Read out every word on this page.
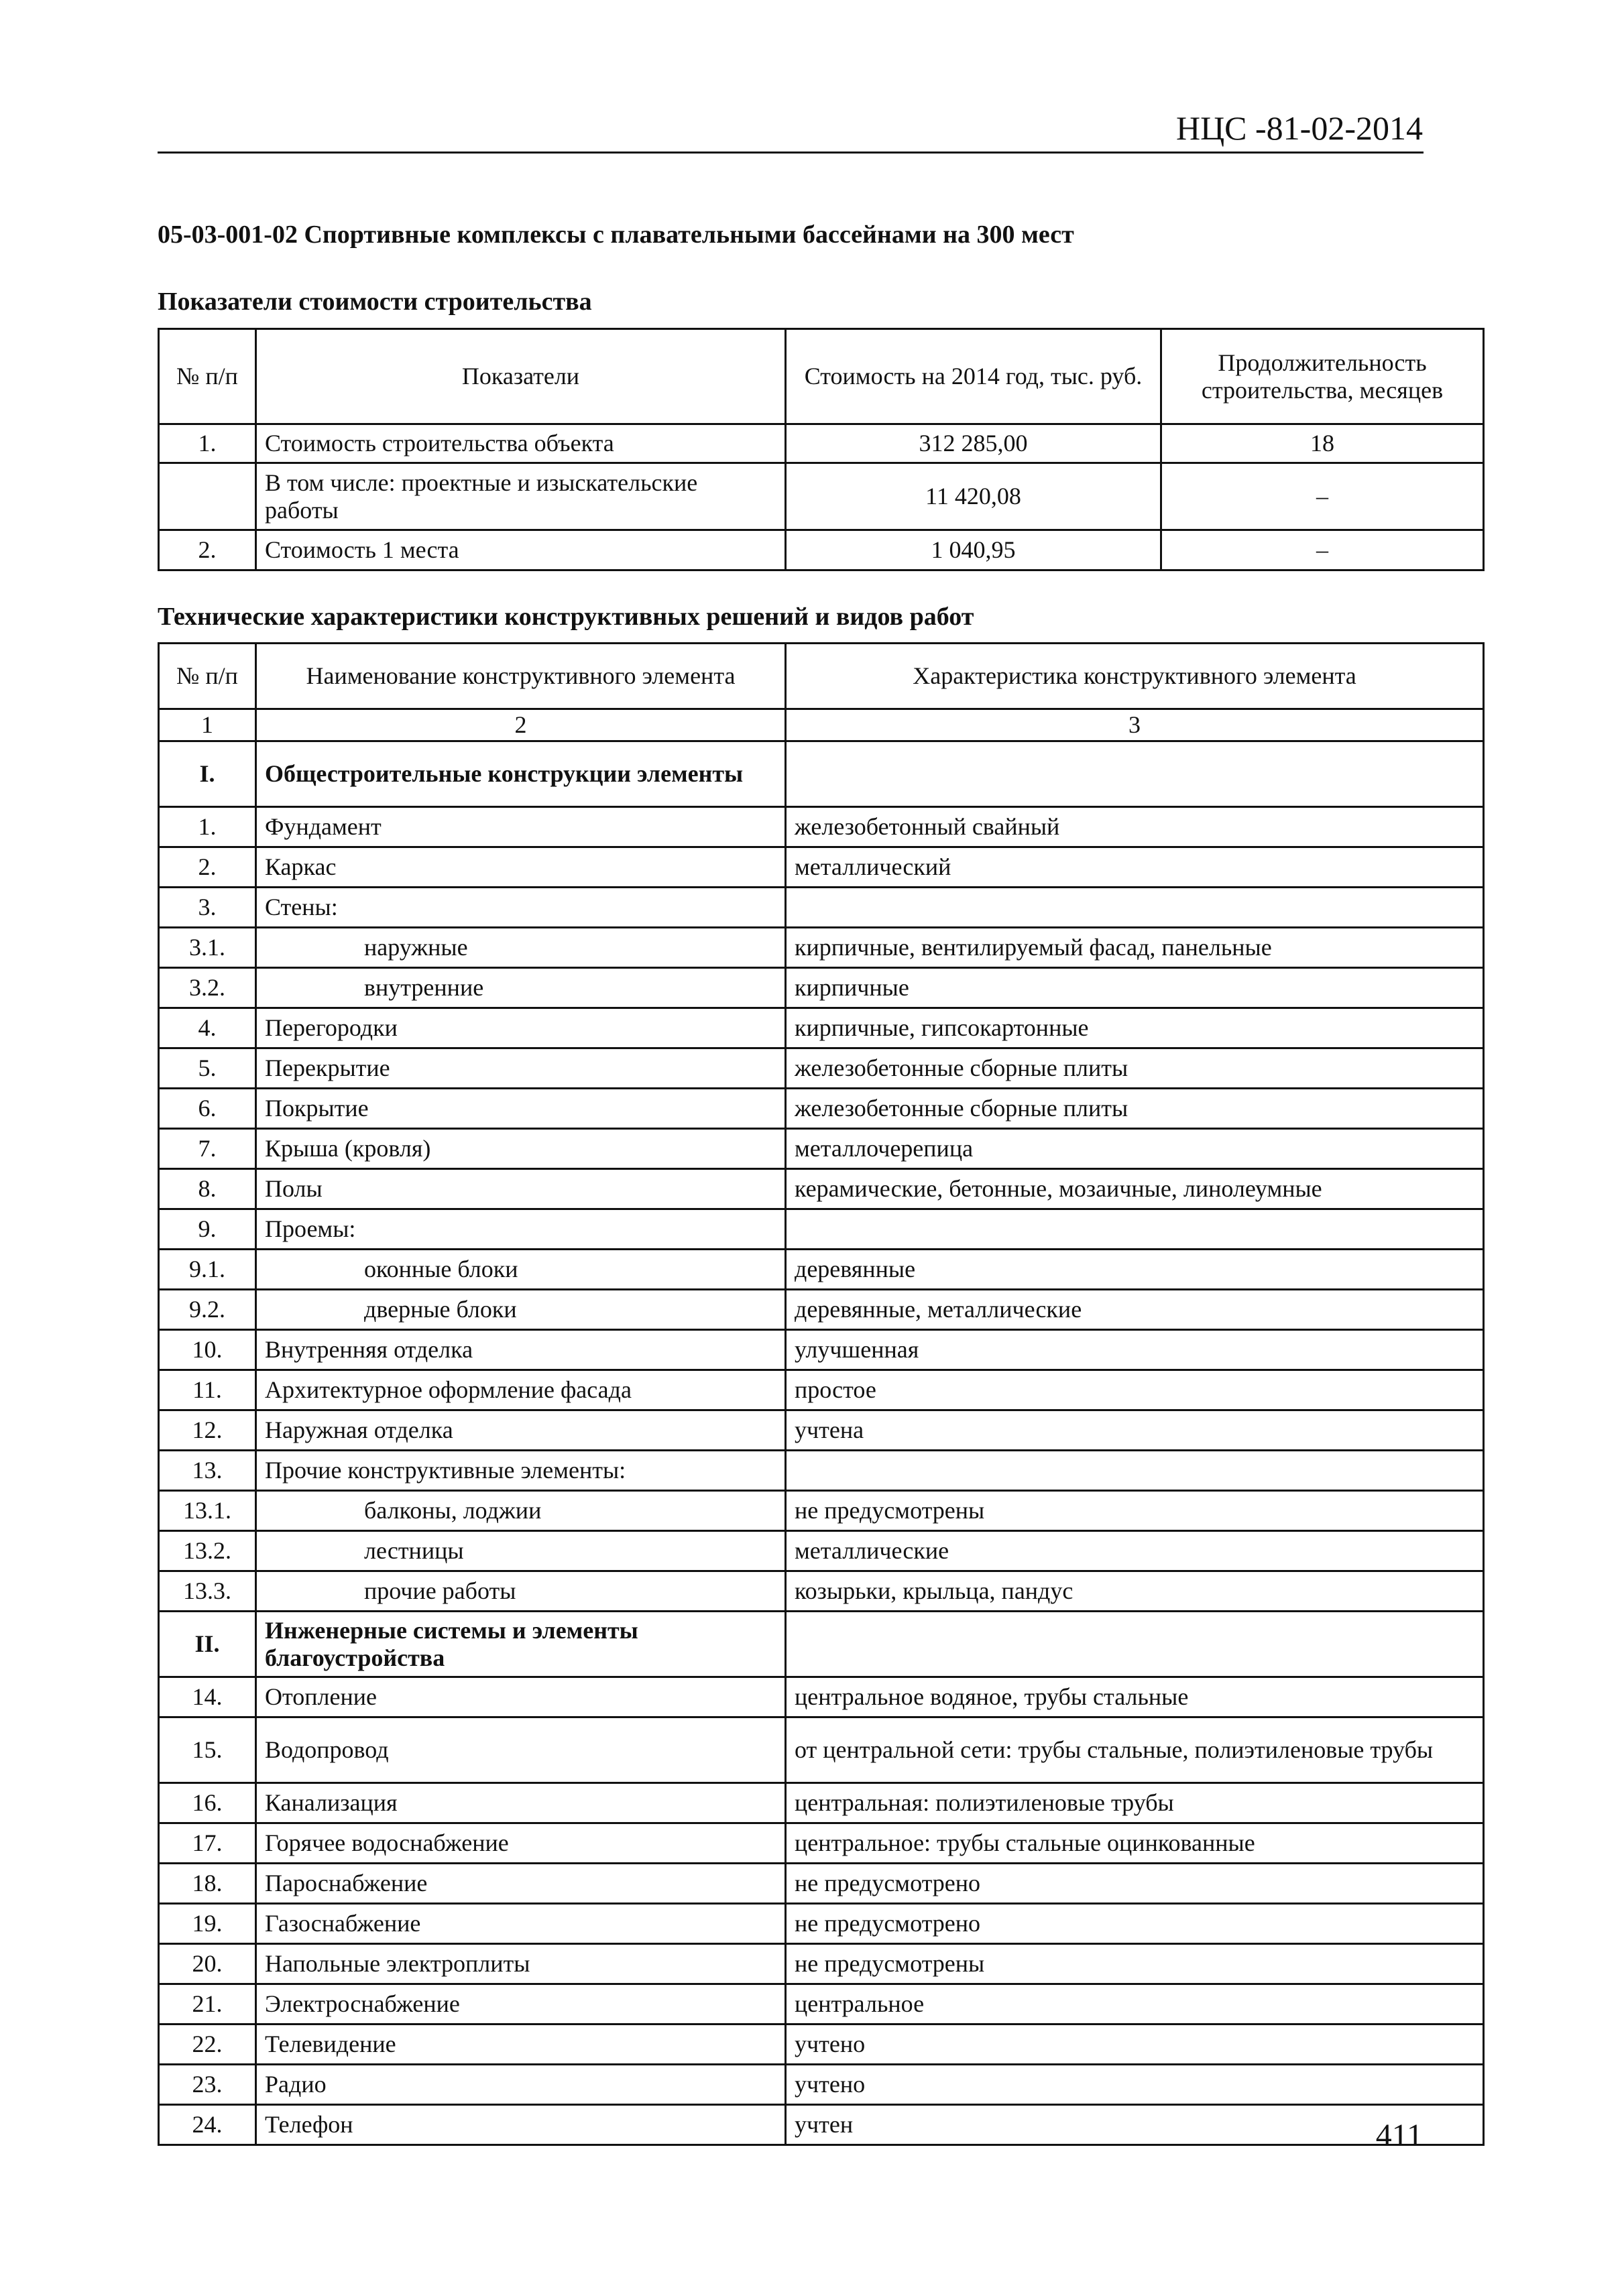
НЦС -81-02-2014
05-03-001-02 Спортивные комплексы с плавательными бассейнами на 300 мест
Показатели стоимости строительства
№ п/п	Показатели	Стоимость на 2014 год, тыс. руб.	Продолжительность строительства, месяцев
1.	Стоимость строительства объекта	312 285,00	18
	В том числе: проектные и изыскательские работы	11 420,08	–
2.	Стоимость 1 места	1 040,95	–
Технические характеристики конструктивных решений и видов работ
№ п/п	Наименование конструктивного элемента	Характеристика конструктивного элемента
1	2	3
I.	Общестроительные конструкции элементы	
1.	Фундамент	железобетонный свайный
2.	Каркас	металлический
3.	Стены:	
3.1.	наружные	кирпичные, вентилируемый фасад, панельные
3.2.	внутренние	кирпичные
4.	Перегородки	кирпичные, гипсокартонные
5.	Перекрытие	железобетонные сборные плиты
6.	Покрытие	железобетонные сборные плиты
7.	Крыша (кровля)	металлочерепица
8.	Полы	керамические, бетонные, мозаичные, линолеумные
9.	Проемы:	
9.1.	оконные блоки	деревянные
9.2.	дверные блоки	деревянные, металлические
10.	Внутренняя отделка	улучшенная
11.	Архитектурное оформление фасада	простое
12.	Наружная отделка	учтена
13.	Прочие конструктивные элементы:	
13.1.	балконы, лоджии	не предусмотрены
13.2.	лестницы	металлические
13.3.	прочие работы	козырьки, крыльца, пандус
II.	Инженерные системы и элементы благоустройства	
14.	Отопление	центральное водяное, трубы стальные
15.	Водопровод	от центральной сети: трубы стальные, полиэтиленовые трубы
16.	Канализация	центральная: полиэтиленовые трубы
17.	Горячее водоснабжение	центральное: трубы стальные оцинкованные
18.	Пароснабжение	не предусмотрено
19.	Газоснабжение	не предусмотрено
20.	Напольные электроплиты	не предусмотрены
21.	Электроснабжение	центральное
22.	Телевидение	учтено
23.	Радио	учтено
24.	Телефон	учтен	411
